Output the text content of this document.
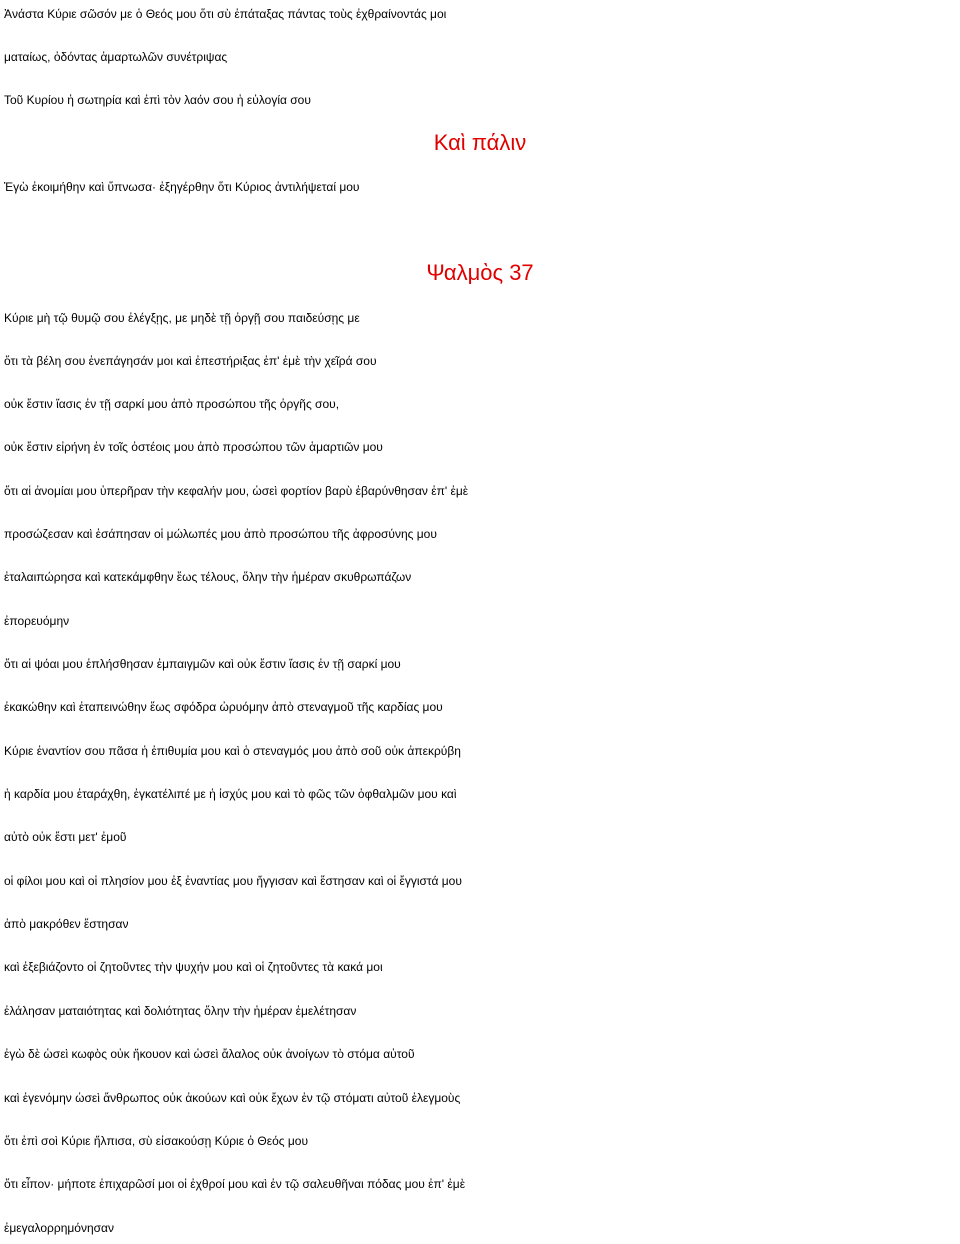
Ἀνάστα Κύριε σῶσόν με ὁ Θεός μου ὅτι σὺ ἐπάταξας πάντας τοὺς ἐχθραίνοντάς μοι
ματαίως, ὀδόντας ἁμαρτωλῶν συνέτριψας
Τοῦ Κυρίου ἡ σωτηρία καὶ ἐπὶ τὸν λαόν σου ἡ εὐλογία σου
Καὶ πάλιν
Ἐγὼ ἐκοιμήθην καὶ ὕπνωσα· ἐξηγέρθην ὅτι Κύριος ἀντιλήψεταί μου
Ψαλμὸς 37
Κύριε μὴ τῷ θυμῷ σου ἐλέγξῃς, με μηδὲ τῇ ὀργῇ σου παιδεύσῃς με
ὅτι τὰ βέλη σου ἐνεπάγησάν μοι καὶ ἐπεστήριξας ἐπ' ἐμὲ τὴν χεῖρά σου
οὐκ ἔστιν ἴασις ἐν τῇ σαρκί μου ἀπὸ προσώπου τῆς ὀργῆς σου,
οὐκ ἔστιν εἰρήνη ἐν τοῖς ὀστέοις μου ἀπὸ προσώπου τῶν ἁμαρτιῶν μου
ὅτι αἱ ἀνομίαι μου ὑπερῆραν τὴν κεφαλήν μου, ὡσεὶ φορτίον βαρὺ ἐβαρύνθησαν ἐπ' ἐμὲ
προσώζεσαν καὶ ἐσάπησαν οἱ μώλωπές μου ἀπὸ προσώπου τῆς ἀφροσύνης μου
ἐταλαιπώρησα καὶ κατεκάμφθην ἕως τέλους, ὅλην τὴν ἡμέραν σκυθρωπάζων
ἐπορευόμην
ὅτι αἱ ψόαι μου ἐπλήσθησαν ἐμπαιγμῶν καὶ οὐκ ἔστιν ἴασις ἐν τῇ σαρκί μου
ἐκακώθην καὶ ἐταπεινώθην ἕως σφόδρα ὠρυόμην ἀπὸ στεναγμοῦ τῆς καρδίας μου
Κύριε ἐναντίον σου πᾶσα ἡ ἐπιθυμία μου καὶ ὁ στεναγμός μου ἀπὸ σοῦ οὐκ ἀπεκρύβη
ἡ καρδία μου ἐταράχθη, ἐγκατέλιπέ με ἡ ἰσχύς μου καὶ τὸ φῶς τῶν ὀφθαλμῶν μου καὶ
αὐτὸ οὐκ ἔστι μετ' ἐμοῦ
οἱ φίλοι μου καὶ οἱ πλησίον μου ἐξ ἐναντίας μου ἤγγισαν καὶ ἔστησαν καὶ οἱ ἔγγιστά μου
ἀπὸ μακρόθεν ἔστησαν
καὶ ἐξεβιάζοντο οἱ ζητοῦντες τὴν ψυχήν μου καὶ οἱ ζητοῦντες τὰ κακά μοι
ἐλάλησαν ματαιότητας καὶ δολιότητας ὅλην τὴν ἡμέραν ἐμελέτησαν
ἐγὼ δὲ ὡσεὶ κωφὸς οὐκ ἤκουον καὶ ὡσεὶ ἄλαλος οὐκ ἀνοίγων τὸ στόμα αὐτοῦ
καὶ ἐγενόμην ὡσεὶ ἄνθρωπος οὐκ ἀκούων καὶ οὐκ ἔχων ἐν τῷ στόματι αὐτοῦ ἐλεγμοὺς
ὅτι ἐπὶ σοὶ Κύριε ἤλπισα, σὺ εἰσακούσῃ Κύριε ὁ Θεός μου
ὅτι εἶπον· μήποτε ἐπιχαρῶσί μοι οἱ ἐχθροί μου καὶ ἐν τῷ σαλευθῆναι πόδας μου ἐπ' ἐμὲ
ἐμεγαλορρημόνησαν
